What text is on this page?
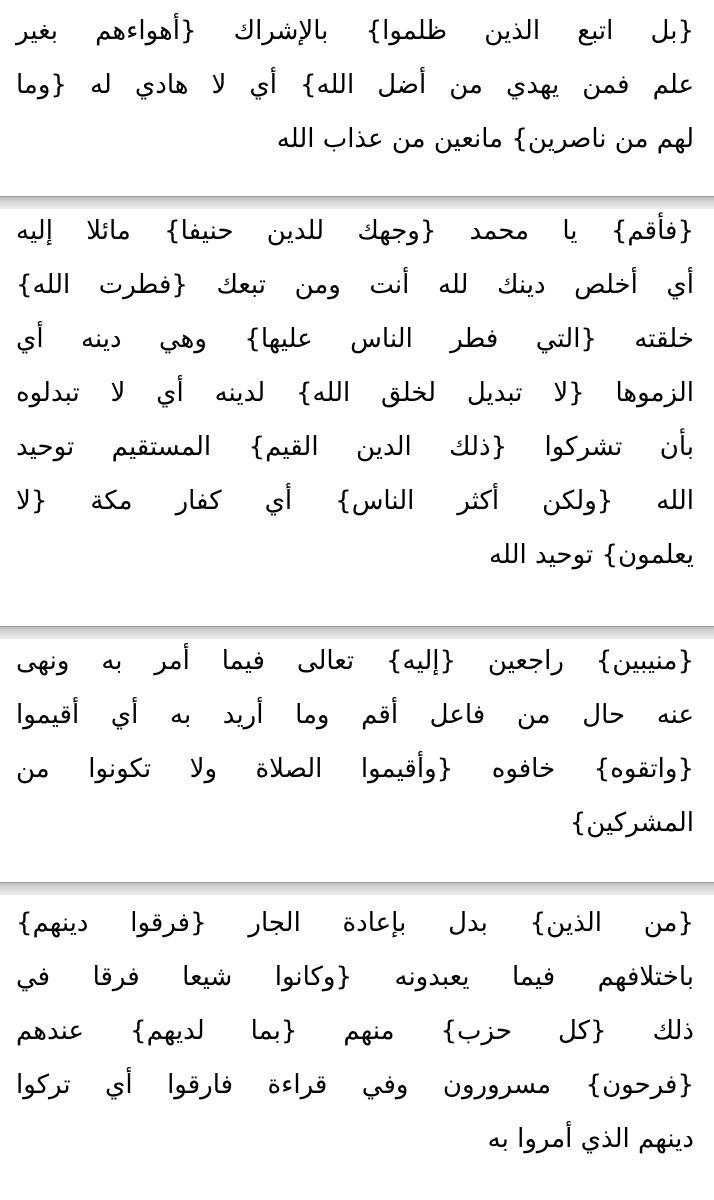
{بل اتبع الذين ظلموا} بالإشراك {أهواءهم بغير
علم فمن يهدي من أضل الله} أي لا هادي له {وما
لهم من ناصرين} مانعين من عذاب الله
{فأقم} يا محمد {وجهك للدين حنيفا} مائلا إليه
أي أخلص دينك لله أنت ومن تبعك {فطرت الله}
خلقته {التي فطر الناس عليها} وهي دينه أي
الزموها {لا تبديل لخلق الله} لدينه أي لا تبدلوه
بأن تشركوا {ذلك الدين القيم} المستقيم توحيد
الله {ولكن أكثر الناس} أي كفار مكة {لا
يعلمون} توحيد الله
{منيبين} راجعين {إليه} تعالى فيما أمر به ونهى
عنه حال من فاعل أقم وما أريد به أي أقيموا
{واتقوه} خافوه {وأقيموا الصلاة ولا تكونوا من
المشركين}
{من الذين} بدل بإعادة الجار {فرقوا دينهم}
باختلافهم فيما يعبدونه {وكانوا شيعا فرقا في
ذلك {كل حزب} منهم {بما لديهم} عندهم
{فرحون} مسرورون وفي قراءة فارقوا أي تركوا
دينهم الذي أمروا به
